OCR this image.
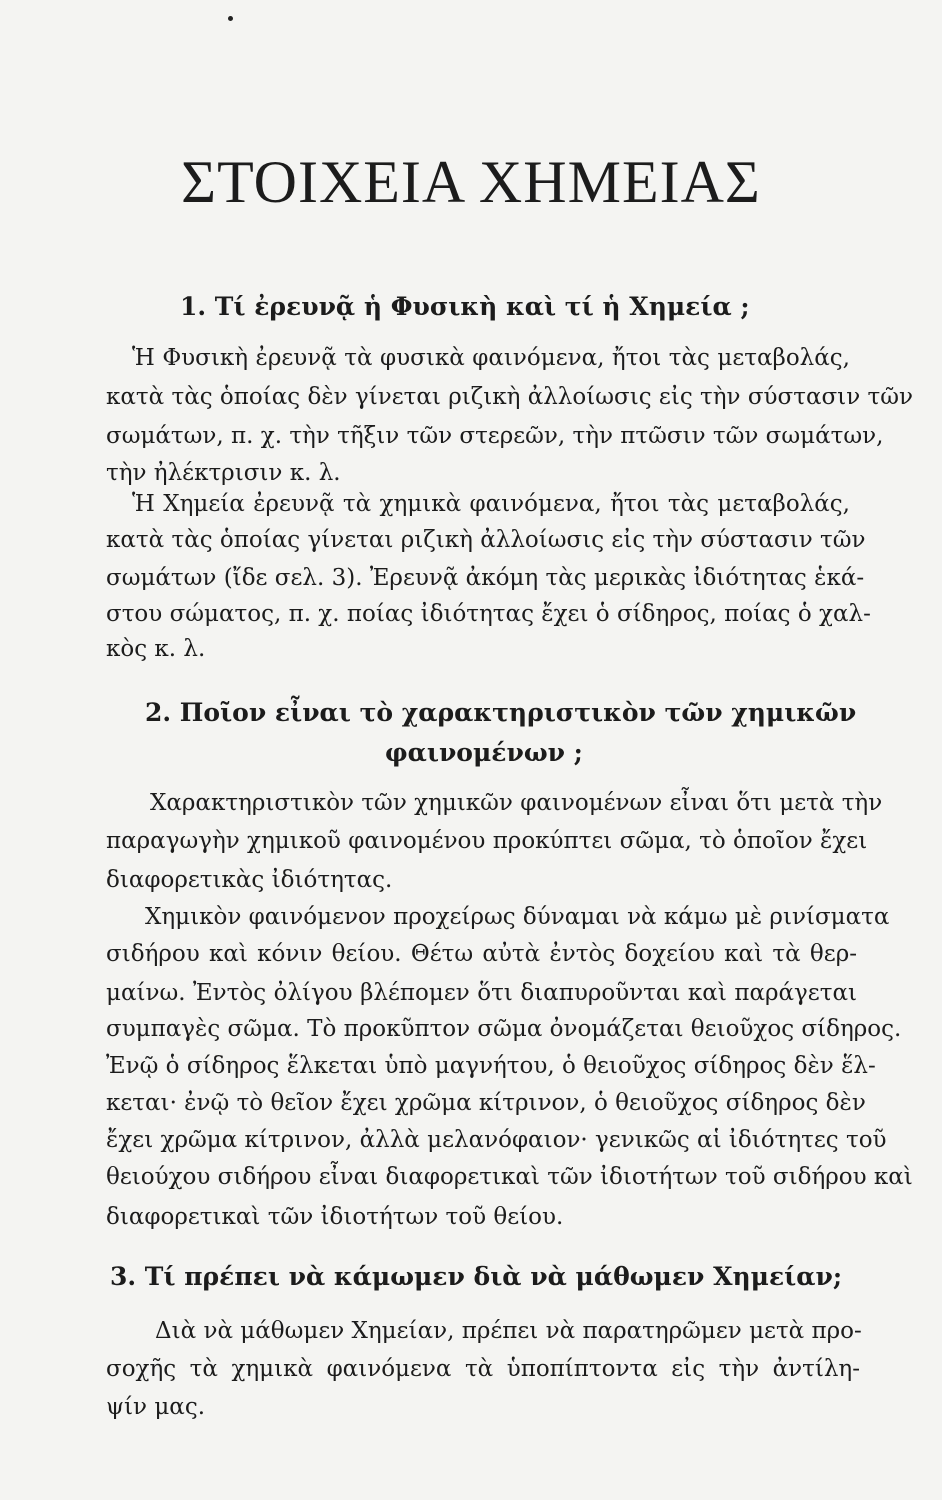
ΣΤΟΙΧΕΙΑ ΧΗΜΕΙΑΣ
1. Τί ἐρευνᾷ ἡ Φυσικὴ καὶ τί ἡ Χημεία ;
Ἡ Φυσικὴ ἐρευνᾷ τὰ φυσικὰ φαινόμενα, ἤτοι τὰς μεταβολάς,
κατὰ τὰς ὁποίας δὲν γίνεται ριζικὴ ἀλλοίωσις εἰς τὴν σύστασιν τῶν
σωμάτων, π. χ. τὴν τῆξιν τῶν στερεῶν, τὴν πτῶσιν τῶν σωμάτων,
τὴν ἠλέκτρισιν κ. λ.
Ἡ Χημεία ἐρευνᾷ τὰ χημικὰ φαινόμενα, ἤτοι τὰς μεταβολάς,
κατὰ τὰς ὁποίας γίνεται ριζικὴ ἀλλοίωσις εἰς τὴν σύστασιν τῶν
σωμάτων (ἴδε σελ. 3). Ἐρευνᾷ ἀκόμη τὰς μερικὰς ἰδιότητας ἑκά-
στου σώματος, π. χ. ποίας ἰδιότητας ἔχει ὁ σίδηρος, ποίας ὁ χαλ-
κὸς κ. λ.
2. Ποῖον εἶναι τὸ χαρακτηριστικὸν τῶν χημικῶν
φαινομένων ;
Χαρακτηριστικὸν τῶν χημικῶν φαινομένων εἶναι ὅτι μετὰ τὴν
παραγωγὴν χημικοῦ φαινομένου προκύπτει σῶμα, τὸ ὁποῖον ἔχει
διαφορετικὰς ἰδιότητας.
Χημικὸν φαινόμενον προχείρως δύναμαι νὰ κάμω μὲ ρινίσματα
σιδήρου καὶ κόνιν θείου. Θέτω αὐτὰ ἐντὸς δοχείου καὶ τὰ θερ-
μαίνω. Ἐντὸς ὀλίγου βλέπομεν ὅτι διαπυροῦνται καὶ παράγεται
συμπαγὲς σῶμα. Τὸ προκῦπτον σῶμα ὀνομάζεται θειοῦχος σίδηρος.
Ἐνῷ ὁ σίδηρος ἕλκεται ὑπὸ μαγνήτου, ὁ θειοῦχος σίδηρος δὲν ἕλ-
κεται· ἐνῷ τὸ θεῖον ἔχει χρῶμα κίτρινον, ὁ θειοῦχος σίδηρος δὲν
ἔχει χρῶμα κίτρινον, ἀλλὰ μελανόφαιον· γενικῶς αἱ ἰδιότητες τοῦ
θειούχου σιδήρου εἶναι διαφορετικαὶ τῶν ἰδιοτήτων τοῦ σιδήρου καὶ
διαφορετικαὶ τῶν ἰδιοτήτων τοῦ θείου.
3. Τί πρέπει νὰ κάμωμεν διὰ νὰ μάθωμεν Χημείαν;
Διὰ νὰ μάθωμεν Χημείαν, πρέπει νὰ παρατηρῶμεν μετὰ προ-
σοχῆς τὰ χημικὰ φαινόμενα τὰ ὑποπίπτοντα εἰς τὴν ἀντίλη-
ψίν μας.
